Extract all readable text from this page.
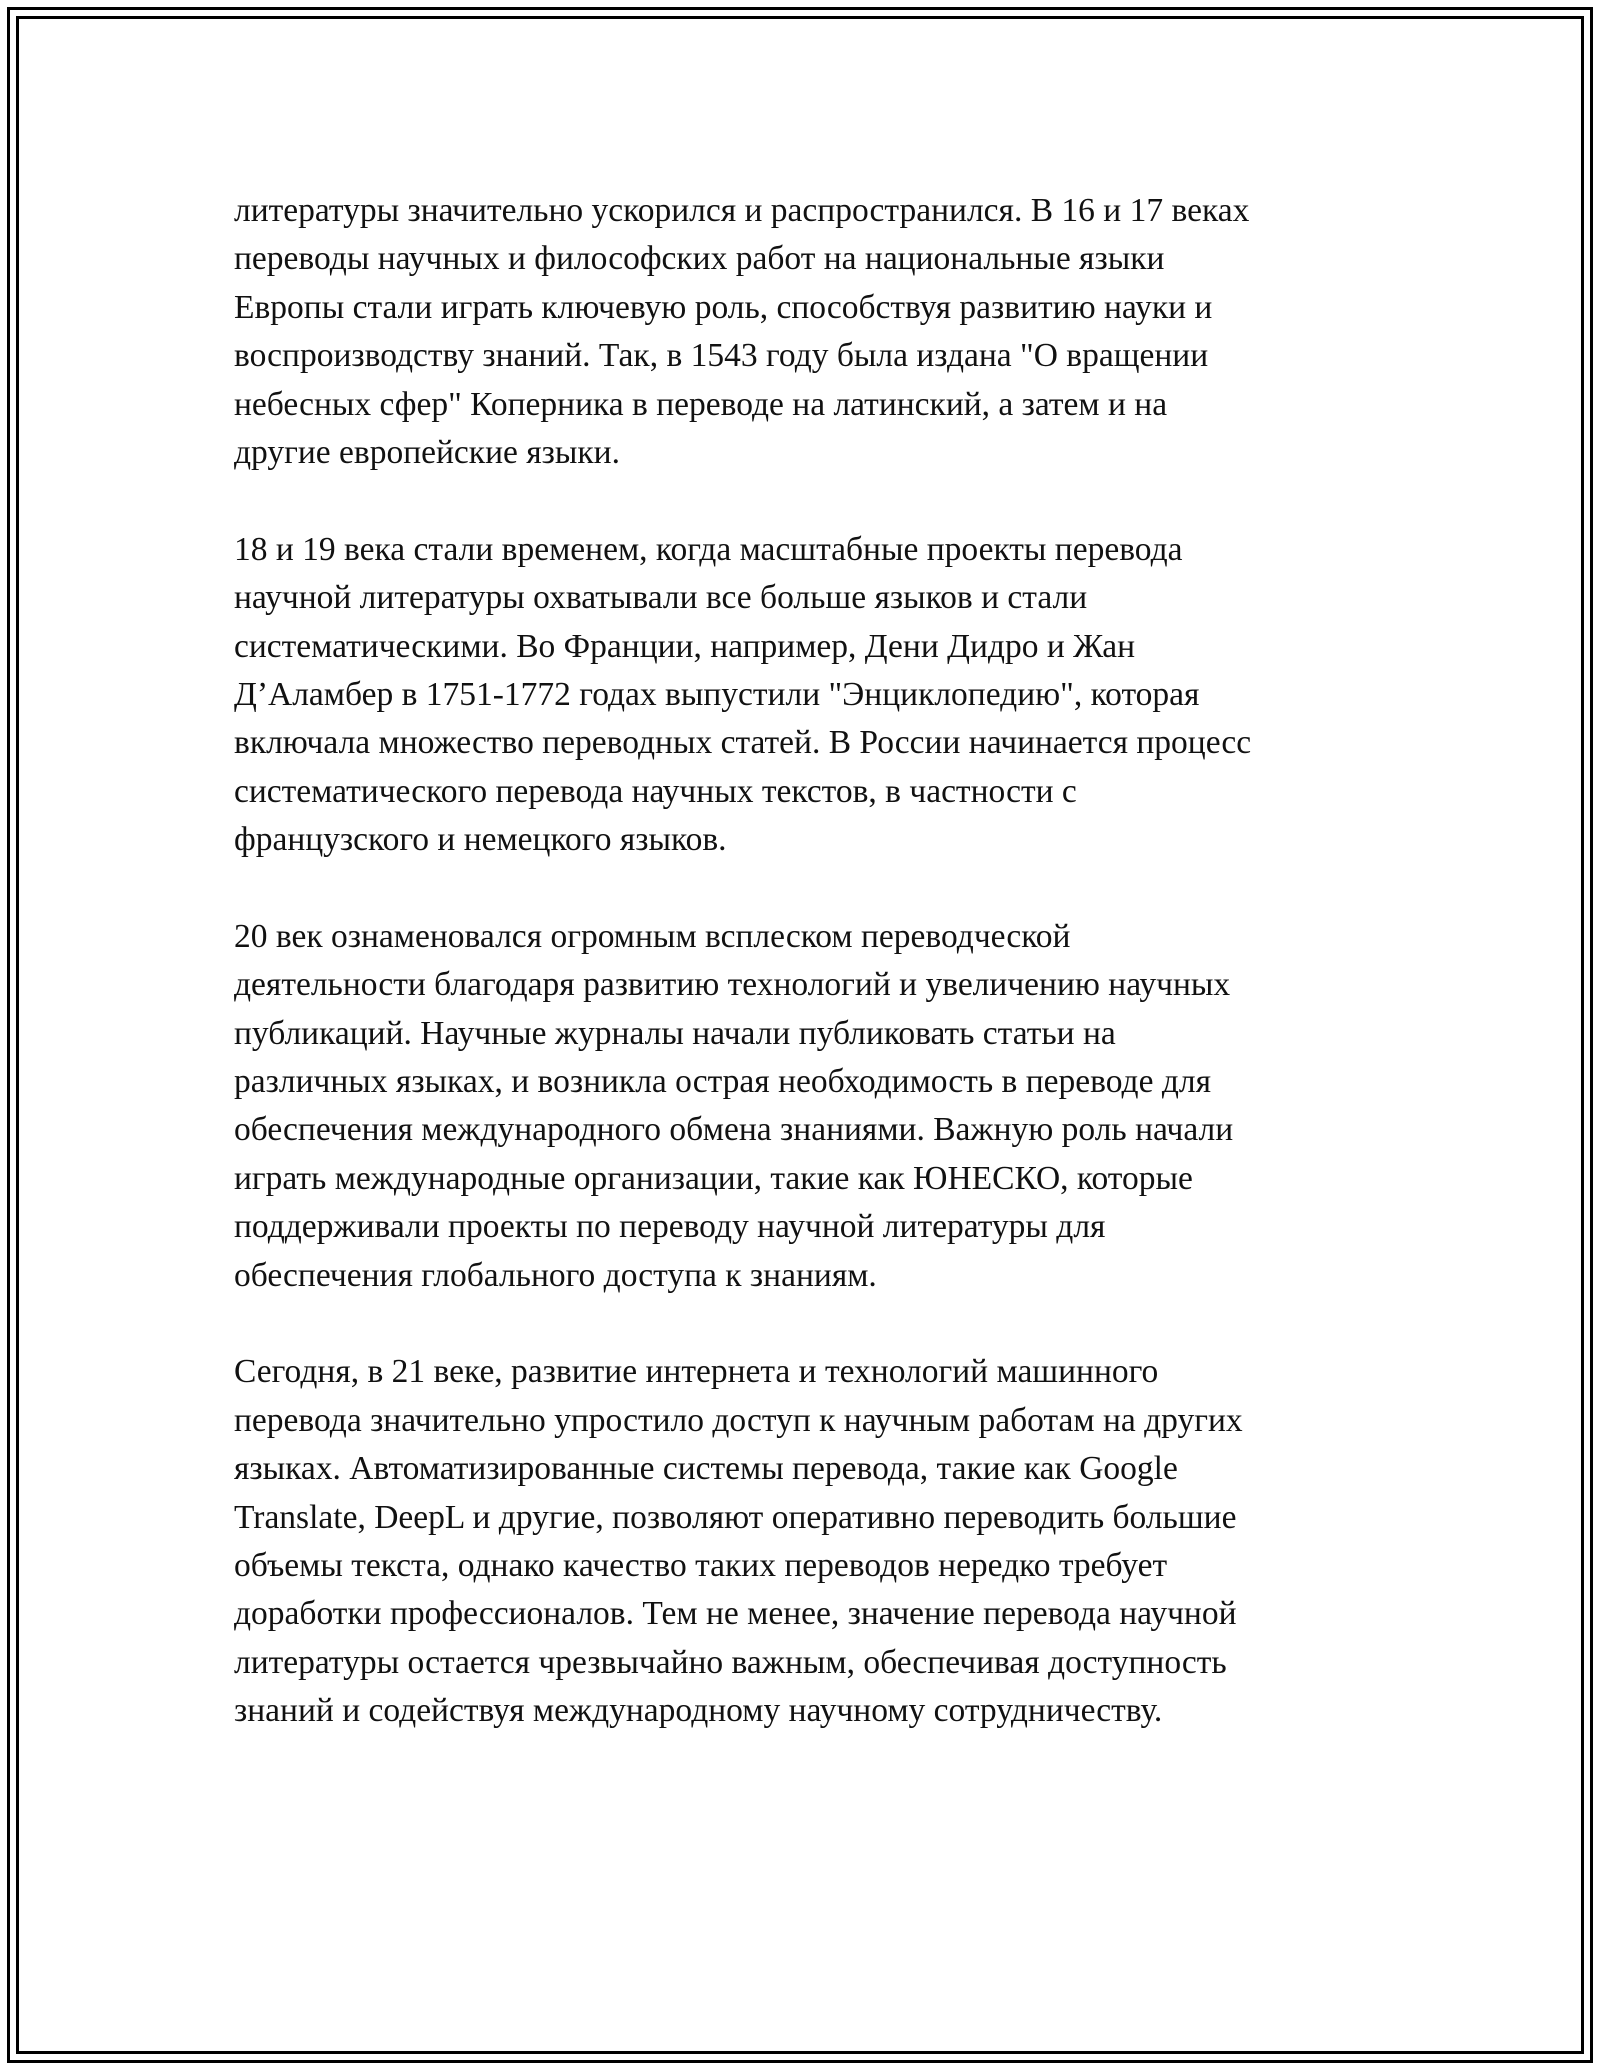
литературы значительно ускорился и распространился. В 16 и 17 веках
переводы научных и философских работ на национальные языки
Европы стали играть ключевую роль, способствуя развитию науки и
воспроизводству знаний. Так, в 1543 году была издана "О вращении
небесных сфер" Коперника в переводе на латинский, а затем и на
другие европейские языки.
18 и 19 века стали временем, когда масштабные проекты перевода
научной литературы охватывали все больше языков и стали
систематическими. Во Франции, например, Дени Дидро и Жан
Д’Аламбер в 1751-1772 годах выпустили "Энциклопедию", которая
включала множество переводных статей. В России начинается процесс
систематического перевода научных текстов, в частности с
французского и немецкого языков.
20 век ознаменовался огромным всплеском переводческой
деятельности благодаря развитию технологий и увеличению научных
публикаций. Научные журналы начали публиковать статьи на
различных языках, и возникла острая необходимость в переводе для
обеспечения международного обмена знаниями. Важную роль начали
играть международные организации, такие как ЮНЕСКО, которые
поддерживали проекты по переводу научной литературы для
обеспечения глобального доступа к знаниям.
Сегодня, в 21 веке, развитие интернета и технологий машинного
перевода значительно упростило доступ к научным работам на других
языках. Автоматизированные системы перевода, такие как Google
Translate, DeepL и другие, позволяют оперативно переводить большие
объемы текста, однако качество таких переводов нередко требует
доработки профессионалов. Тем не менее, значение перевода научной
литературы остается чрезвычайно важным, обеспечивая доступность
знаний и содействуя международному научному сотрудничеству.
